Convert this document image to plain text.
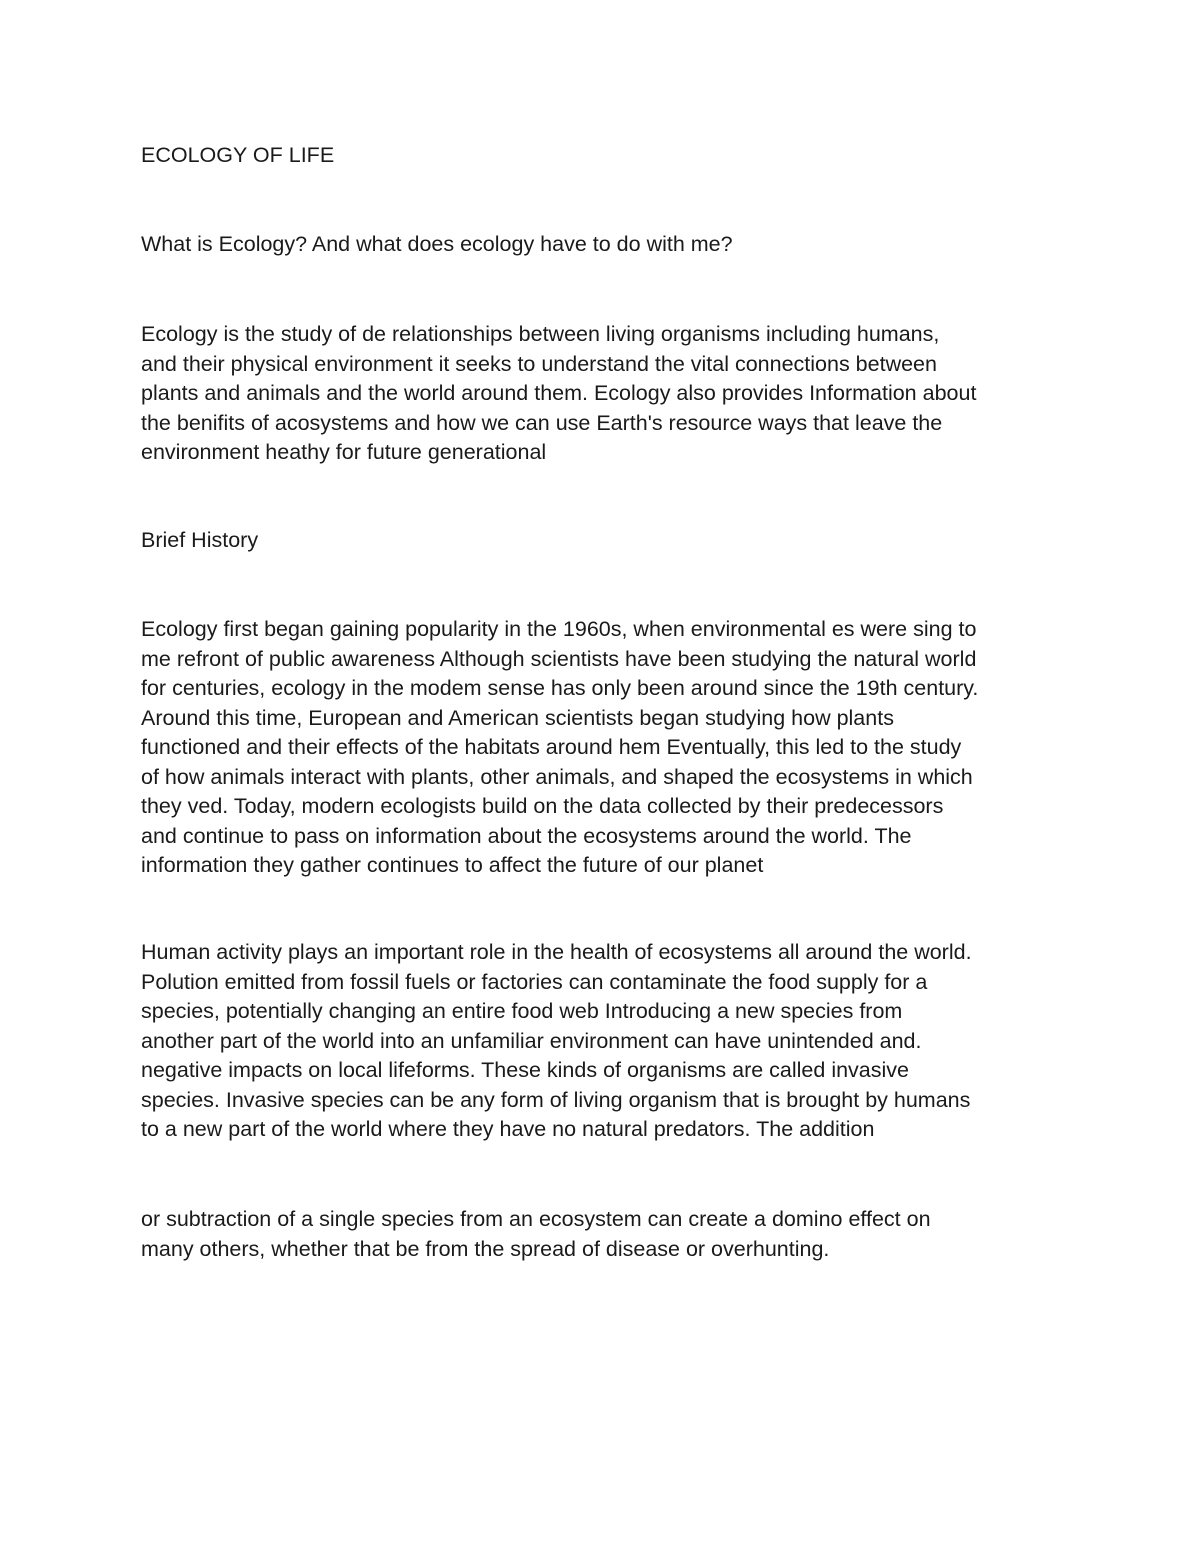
ECOLOGY OF LIFE
What is Ecology? And what does ecology have to do with me?
Ecology is the study of de relationships between living organisms including humans,
and their physical environment it seeks to understand the vital connections between
plants and animals and the world around them. Ecology also provides Information about
the benifits of acosystems and how we can use Earth's resource ways that leave the
environment heathy for future generational
Brief History
Ecology first began gaining popularity in the 1960s, when environmental es were sing to
me refront of public awareness Although scientists have been studying the natural world
for centuries, ecology in the modem sense has only been around since the 19th century.
Around this time, European and American scientists began studying how plants
functioned and their effects of the habitats around hem Eventually, this led to the study
of how animals interact with plants, other animals, and shaped the ecosystems in which
they ved. Today, modern ecologists build on the data collected by their predecessors
and continue to pass on information about the ecosystems around the world. The
information they gather continues to affect the future of our planet
Human activity plays an important role in the health of ecosystems all around the world.
Polution emitted from fossil fuels or factories can contaminate the food supply for a
species, potentially changing an entire food web Introducing a new species from
another part of the world into an unfamiliar environment can have unintended and.
negative impacts on local lifeforms. These kinds of organisms are called invasive
species. Invasive species can be any form of living organism that is brought by humans
to a new part of the world where they have no natural predators. The addition
or subtraction of a single species from an ecosystem can create a domino effect on
many others, whether that be from the spread of disease or overhunting.
